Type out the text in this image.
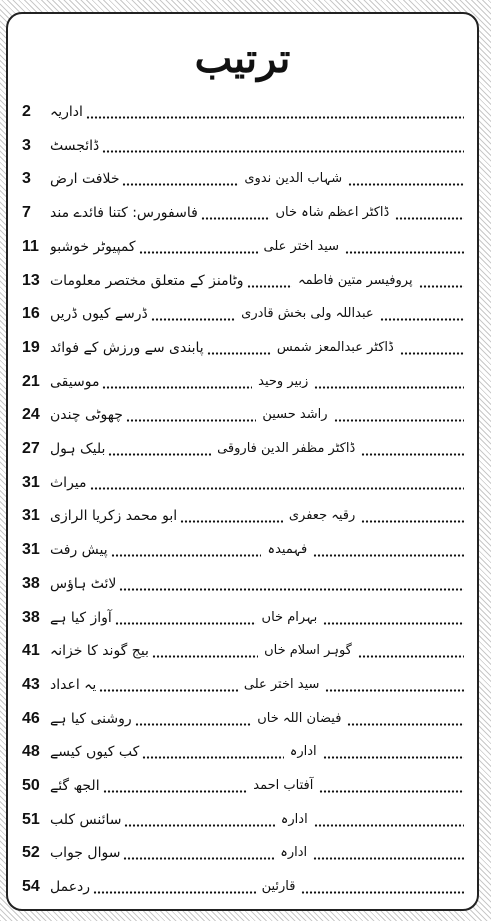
ترتیب
2	اداریہ
3	ڈائجسٹ
3	خلافت ارض	شہاب الدین ندوی
7	فاسفورس: کتنا فائدے مند	ڈاکٹر اعظم شاہ خاں
11 کمپیوٹر خوشبو	سید اختر علی
13 وٹامنز کے متعلق مختصر معلومات	پروفیسر متین فاطمہ
16 ڈرسے کیوں ڈریں	عبداللہ ولی بخش قادری
19 پابندی سے ورزش کے فوائد	ڈاکٹر عبدالمعز شمس
21 موسیقی	زبیر وحید
24 چھوٹی چندن	راشد حسین
27 بلیک ہول	ڈاکٹر مظفر الدین فاروقی
31 میراث
31 ابو محمد زکریا الرازی	رقیہ جعفری
31 پیش رفت	فہمیدہ
38 لائٹ ہاؤس
38 آواز کیا ہے	بہرام خاں
41 بیج گوند کا خزانہ	گوہر اسلام خاں
43 یہ اعداد	سید اختر علی
46 روشنی کیا ہے	فیضان اللہ خاں
48 کب کیوں کیسے	ادارہ
50 الجھ گئے	آفتاب احمد
51 سائنس کلب	ادارہ
52 سوال جواب	ادارہ
54 ردعمل	قارئین
